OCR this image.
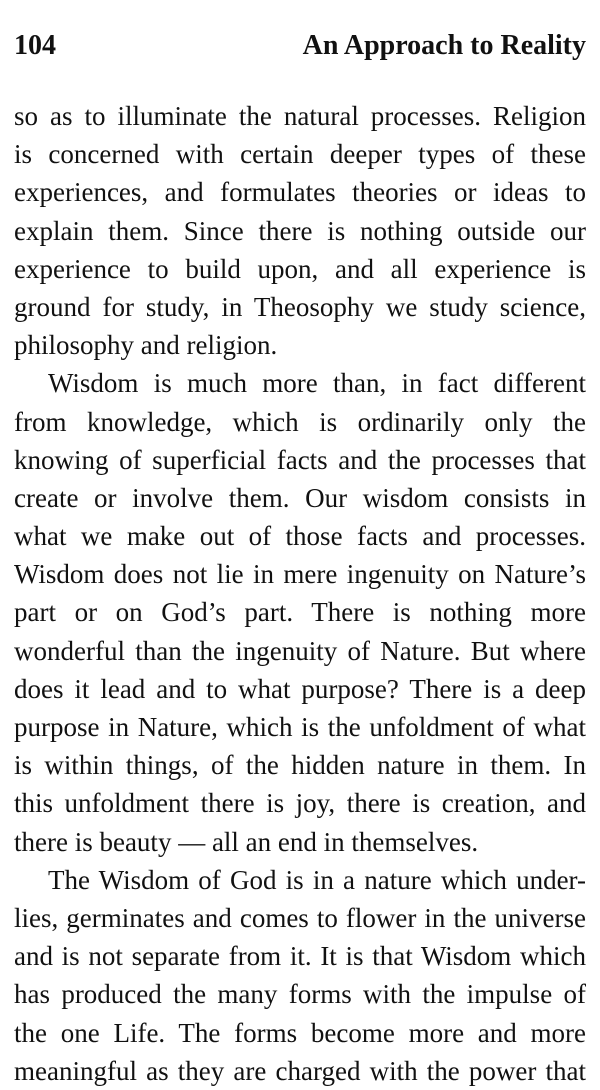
104	An Approach to Reality
so as to illuminate the natural processes. Religion
is concerned with certain deeper types of these
experiences, and formulates theories or ideas to
explain them. Since there is nothing outside our
experience to build upon, and all experience is
ground for study, in Theosophy we study science,
philosophy and religion.
Wisdom is much more than, in fact different
from knowledge, which is ordinarily only the
knowing of superficial facts and the processes that
create or involve them. Our wisdom consists in
what we make out of those facts and processes.
Wisdom does not lie in mere ingenuity on Nature’s
part or on God’s part. There is nothing more
wonderful than the ingenuity of Nature. But where
does it lead and to what purpose? There is a deep
purpose in Nature, which is the unfoldment of what
is within things, of the hidden nature in them. In
this unfoldment there is joy, there is creation, and
there is beauty — all an end in themselves.
The Wisdom of God is in a nature which under-
lies, germinates and comes to flower in the universe
and is not separate from it. It is that Wisdom which
has produced the many forms with the impulse of
the one Life. The forms become more and more
meaningful as they are charged with the power that
